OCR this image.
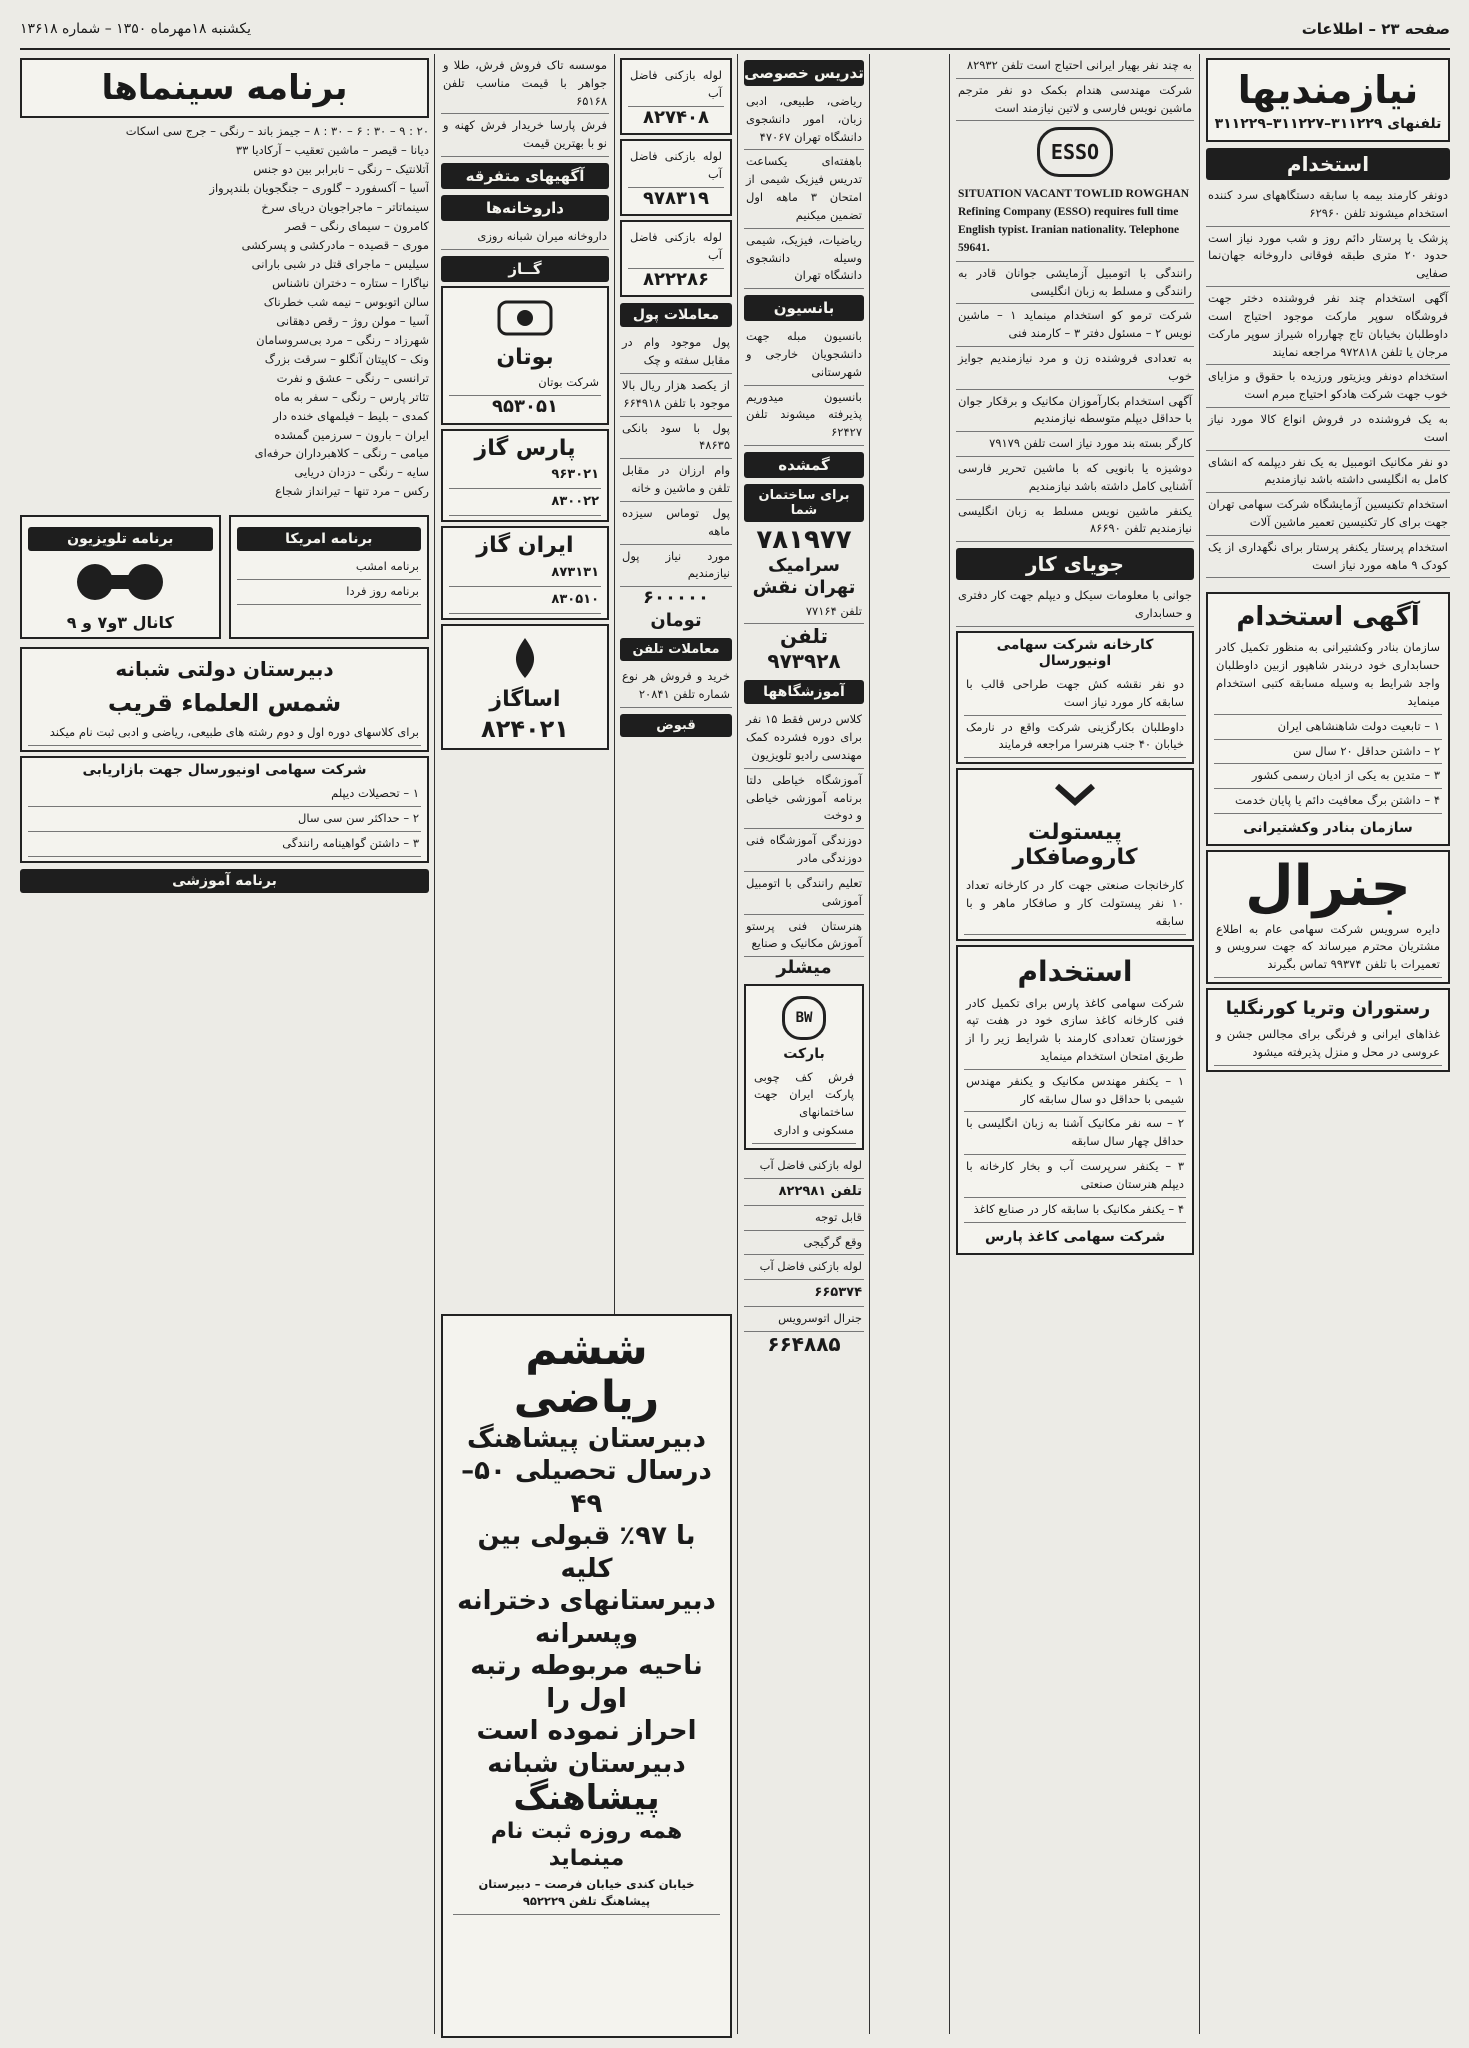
صفحه ۲۳ – اطلاعات
یکشنبه ۱۸مهرماه ۱۳۵۰ – شماره ۱۳۶۱۸
نیازمندیها
تلفنهای ۳۱۱۲۲۹–۳۱۱۲۲۷–۳۱۱۲۲۹
استخدام
دونفر کارمند بیمه با سابقه دستگاههای سرد کننده استخدام میشوند تلفن ۶۲۹۶۰
پزشک یا پرستار دائم روز و شب مورد نیاز است حدود ۲۰ متری طبقه فوقانی داروخانه جهان‌نما صفایی
آگهی استخدام چند نفر فروشنده دختر جهت فروشگاه سوپر مارکت موجود احتیاج است داوطلبان بخیابان تاج چهارراه شیراز سوپر مارکت مرجان یا تلفن ۹۷۲۸۱۸ مراجعه نمایند
استخدام دونفر ویزیتور ورزیده با حقوق و مزایای خوب جهت شرکت هادکو احتیاج مبرم است
به یک فروشنده در فروش انواع کالا مورد نیاز است
دو نفر مکانیک اتومبیل به یک نفر دیپلمه که انشای کامل به انگلیسی داشته باشد نیازمندیم
استخدام تکنیسین آزمایشگاه شرکت سهامی تهران جهت برای کار تکنیسین تعمیر ماشین آلات
استخدام پرستار یکنفر پرستار برای نگهداری از یک کودک ۹ ماهه مورد نیاز است
آگهی استخدام
سازمان بنادر وکشتیرانی به منظور تکمیل کادر حسابداری خود دربندر شاهپور ازبین داوطلبان واجد شرایط به وسیله مسابقه کتبی استخدام مینماید
۱ – تابعیت دولت شاهنشاهی ایران
۲ – داشتن حداقل ۲۰ سال سن
۳ – متدین به یکی از ادیان رسمی کشور
۴ – داشتن برگ معافیت دائم یا پایان خدمت
سازمان بنادر وکشتیرانی
جنرال
دایره سرویس شرکت سهامی عام به اطلاع مشتریان محترم میرساند که جهت سرویس و تعمیرات با تلفن ۹۹۳۷۴ تماس بگیرند
رستوران وتریا کورنگلیا
غذاهای ایرانی و فرنگی برای مجالس جشن و عروسی در محل و منزل پذیرفته میشود
به چند نفر بهیار ایرانی احتیاج است تلفن ۸۲۹۳۲
شرکت مهندسی هندام بکمک دو نفر مترجم ماشین نویس فارسی و لاتین نیازمند است
ESSO
SITUATION VACANT TOWLID ROWGHAN Refining Company (ESSO) requires full time English typist. Iranian nationality. Telephone 59641.
رانندگی با اتومبیل آزمایشی جوانان قادر به رانندگی و مسلط به زبان انگلیسی
شرکت ترمو کو استخدام مینماید ۱ – ماشین نویس ۲ – مسئول دفتر ۳ – کارمند فنی
به تعدادی فروشنده زن و مرد نیازمندیم جوایز خوب
آگهی استخدام بکارآموزان مکانیک و برقکار جوان با حداقل دیپلم متوسطه نیازمندیم
کارگر بسته بند مورد نیاز است تلفن ۷۹۱۷۹
دوشیزه یا بانویی که با ماشین تحریر فارسی آشنایی کامل داشته باشد نیازمندیم
یکنفر ماشین نویس مسلط به زبان انگلیسی نیازمندیم تلفن ۸۶۶۹۰
جویای کار
جوانی با معلومات سیکل و دیپلم جهت کار دفتری و حسابداری
کارخانه شرکت سهامی اونیورسال
دو نفر نقشه کش جهت طراحی قالب با سابقه کار مورد نیاز است
داوطلبان بکارگزینی شرکت واقع در نارمک خیابان ۴۰ جنب هنرسرا مراجعه فرمایند
پیستولت کاروصافکار
کارخانجات صنعتی جهت کار در کارخانه تعداد ۱۰ نفر پیستولت کار و صافکار ماهر و با سابقه
استخدام
شرکت سهامی کاغذ پارس برای تکمیل کادر فنی کارخانه کاغذ سازی خود در هفت تپه خوزستان تعدادی کارمند با شرایط زیر را از طریق امتحان استخدام مینماید
۱ – یکنفر مهندس مکانیک و یکنفر مهندس شیمی با حداقل دو سال سابقه کار
۲ – سه نفر مکانیک آشنا به زبان انگلیسی با حداقل چهار سال سابقه
۳ – یکنفر سرپرست آب و بخار کارخانه با دیپلم هنرستان صنعتی
۴ – یکنفر مکانیک با سابقه کار در صنایع کاغذ
شرکت سهامی کاغذ پارس
تدریس خصوصی
ریاضی، طبیعی، ادبی زبان، امور دانشجوی دانشگاه تهران ۴۷۰۶۷
باهفته‌ای یکساعت تدریس فیزیک شیمی از امتحان ۳ ماهه اول تضمین میکنیم
ریاضیات، فیزیک، شیمی وسیله دانشجوی دانشگاه تهران
بانسیون
بانسیون مبله جهت دانشجویان خارجی و شهرستانی
بانسیون میدوریم پذیرفته میشوند تلفن ۶۲۴۲۷
گمشده
برای ساختمان شما
۷۸۱۹۷۷
سرامیک تهران نقش
تلفن ۷۷۱۶۴
تلفن ۹۷۳۹۲۸
آموزشگاهها
کلاس درس فقط ۱۵ نفر برای دوره فشرده کمک مهندسی رادیو تلویزیون
آموزشگاه خیاطی دلتا برنامه آموزشی خیاطی و دوخت
دوزندگی آموزشگاه فنی دوزندگی مادر
تعلیم رانندگی با اتومبیل آموزشی
هنرستان فنی پرستو آموزش مکانیک و صنایع
میشلر
BW
بارکت
فرش کف چوبی پارکت ایران جهت ساختمانهای مسکونی و اداری
لوله بازکنی فاضل آب
تلفن ۸۲۲۹۸۱
قابل توجه
وقع گرگیجی
لوله بازکنی فاضل آب
۶۶۵۳۷۴
جنرال اتوسرویس
۶۶۴۸۸۵
لوله بازکنی فاضل آب
۸۲۷۴۰۸
لوله بازکنی فاضل آب
۹۷۸۳۱۹
لوله بازکنی فاضل آب
۸۲۲۲۸۶
معاملات پول
پول موجود وام در مقابل سفته و چک
از یکصد هزار ریال بالا موجود با تلفن ۶۶۴۹۱۸
پول با سود بانکی ۴۸۶۳۵
وام ارزان در مقابل تلفن و ماشین و خانه
پول توماس سیزده ماهه
مورد نیاز پول نیازمندیم
۶۰۰۰۰۰ تومان
معاملات تلفن
خرید و فروش هر نوع شماره تلفن ۲۰۸۴۱
قبوض
موسسه تاک فروش فرش، طلا و جواهر با قیمت مناسب تلفن ۶۵۱۶۸
فرش پارسا خریدار فرش کهنه و نو با بهترین قیمت
آگهیهای متفرقه
داروخانه‌ها
داروخانه میران شبانه روزی
گــاز
بوتان
شرکت بوتان
۹۵۳۰۵۱
پارس گاز
۹۶۳۰۲۱
۸۳۰۰۲۲
ایران گاز
۸۷۳۱۳۱
۸۳۰۵۱۰
اساگاز
۸۲۴۰۲۱
ششم ریاضی
دبیرستان پیشاهنگ
درسال تحصیلی ۵۰–۴۹
با ۹۷٪ قبولی بین کلیه
دبیرستانهای دخترانه
وپسرانه
ناحیه مربوطه رتبه اول را
احراز نموده است
دبیرستان شبانه
پیشاهنگ
همه روزه ثبت نام مینماید
خیابان کندی خیابان فرصت – دبیرستان پیشاهنگ تلفن ۹۵۲۲۲۹
برنامه سینماها
۲۰ : ۹ – ۳۰ : ۶ – ۳۰ : ۸ – جیمز باند – رنگی – جرج سی اسکات
دیانا – قیصر – ماشین تعقیب – آرکادیا ۳۳
آتلانتیک – رنگی – نابرابر بین دو جنس
آسیا – آکسفورد – گلوری – جنگجویان بلندپرواز
سینماتاتر – ماجراجویان دریای سرخ
کامرون – سیمای رنگی – قصر
موری – قصیده – مادرکشی و پسرکشی
سیلیس – ماجرای قتل در شبی بارانی
نیاگارا – ستاره – دختران ناشناس
سالن اتوبوس – نیمه شب خطرناک
آسیا – مولن روژ – رقص دهقانی
شهرزاد – رنگی – مرد بی‌سرو‌سامان
ونک – کاپیتان آنگلو – سرقت بزرگ
ترانسی – رنگی – عشق و نفرت
تئاتر پارس – رنگی – سفر به ماه
کمدی – بلیط – فیلمهای خنده دار
ایران – بارون – سرزمین گمشده
میامی – رنگی – کلاهبرداران حرفه‌ای
سایه – رنگی – دزدان دریایی
رکس – مرد تنها – تیرانداز شجاع
برنامه امریکا
برنامه امشب
برنامه روز فردا
برنامه تلویزیون
کانال ۳و۷ و ۹
دبیرستان دولتی شبانه
شمس العلماء قریب
برای کلاسهای دوره اول و دوم رشته های طبیعی، ریاضی و ادبی ثبت نام میکند
شرکت سهامی اونیورسال جهت بازاریابی
۱ – تحصیلات دیپلم
۲ – حداکثر سن سی سال
۳ – داشتن گواهینامه رانندگی
برنامه آموزشی
